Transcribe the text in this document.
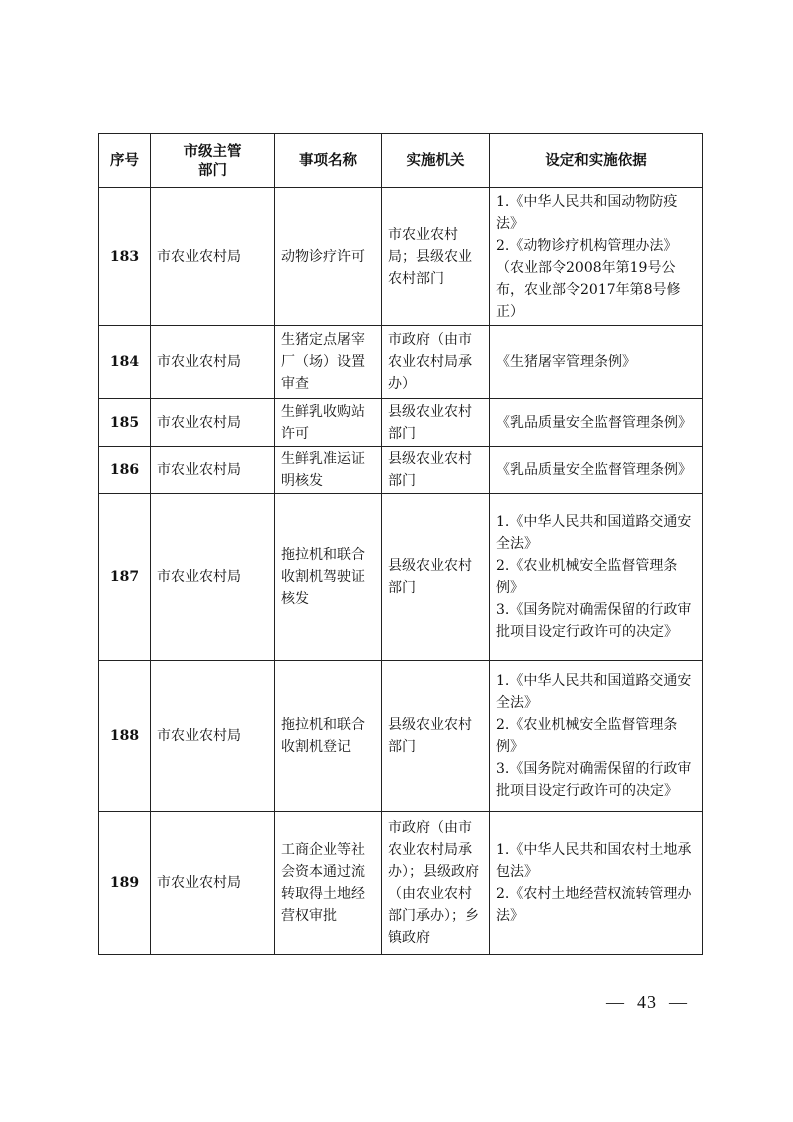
序号	市级主管部门	事项名称	实施机关	设定和实施依据
183	市农业农村局	动物诊疗许可	市农业农村局；县级农业农村部门	1.《中华人民共和国动物防疫法》
2.《动物诊疗机构管理办法》（农业部令2008年第19号公布，农业部令2017年第8号修正）

184	市农业农村局	生猪定点屠宰厂（场）设置审查	市政府（由市农业农村局承办）	《生猪屠宰管理条例》

185	市农业农村局	生鲜乳收购站许可	县级农业农村部门	《乳品质量安全监督管理条例》

186	市农业农村局	生鲜乳准运证明核发	县级农业农村部门	《乳品质量安全监督管理条例》

187	市农业农村局	拖拉机和联合收割机驾驶证核发	县级农业农村部门	1.《中华人民共和国道路交通安全法》
2.《农业机械安全监督管理条例》
3.《国务院对确需保留的行政审批项目设定行政许可的决定》

188	市农业农村局	拖拉机和联合收割机登记	县级农业农村部门	1.《中华人民共和国道路交通安全法》
2.《农业机械安全监督管理条例》
3.《国务院对确需保留的行政审批项目设定行政许可的决定》

189	市农业农村局	工商企业等社会资本通过流转取得土地经营权审批	市政府（由市农业农村局承办）；县级政府（由农业农村部门承办）；乡镇政府	1.《中华人民共和国农村土地承包法》
2.《农村土地经营权流转管理办法》
— 43 —
